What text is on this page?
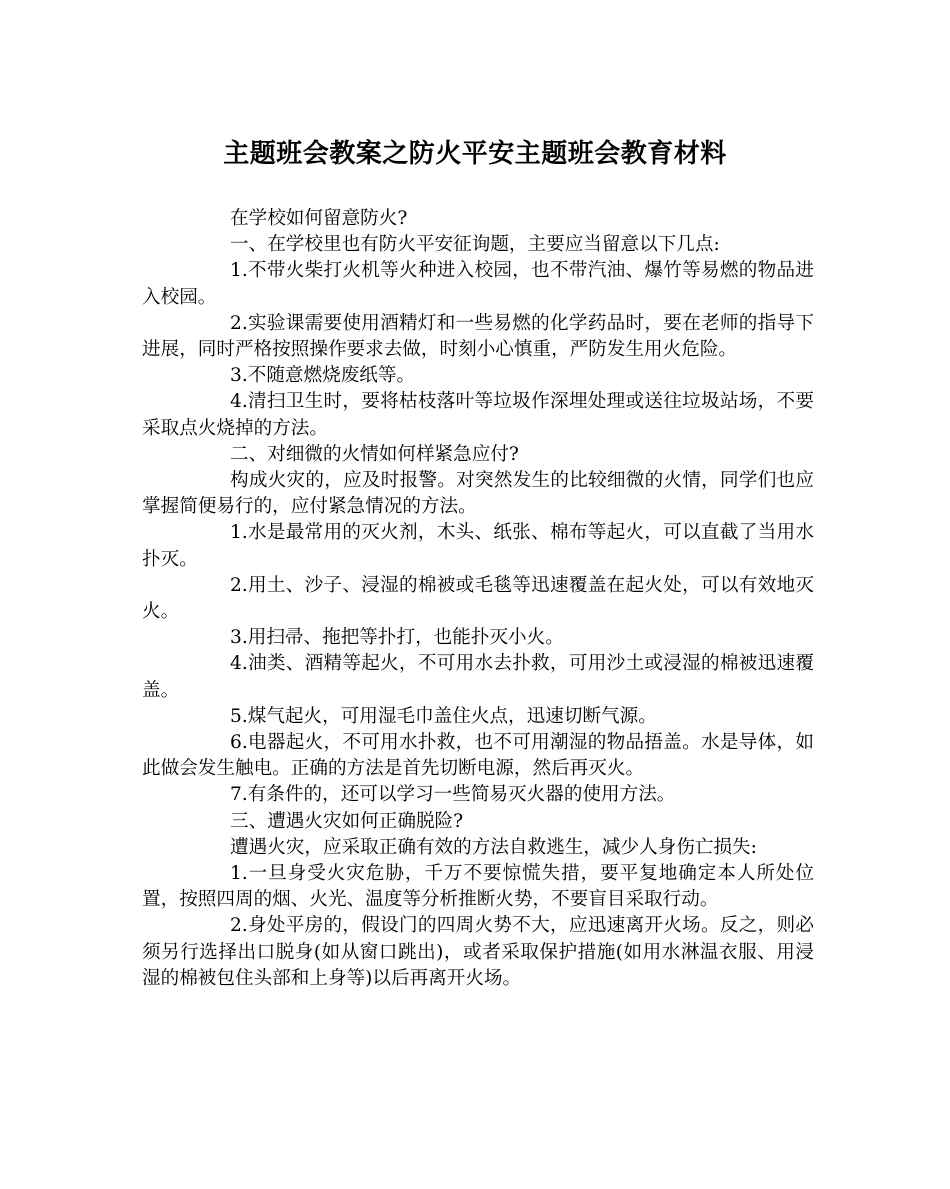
主题班会教案之防火平安主题班会教育材料

在学校如何留意防火?

一、在学校里也有防火平安征询题，主要应当留意以下几点:

1.不带火柴打火机等火种进入校园，也不带汽油、爆竹等易燃的物品进入校园。

2.实验课需要使用酒精灯和一些易燃的化学药品时，要在老师的指导下进展，同时严格按照操作要求去做，时刻小心慎重，严防发生用火危险。

3.不随意燃烧废纸等。

4.清扫卫生时，要将枯枝落叶等垃圾作深埋处理或送往垃圾站场，不要采取点火烧掉的方法。

二、对细微的火情如何样紧急应付?

构成火灾的，应及时报警。对突然发生的比较细微的火情，同学们也应掌握简便易行的，应付紧急情况的方法。

1.水是最常用的灭火剂，木头、纸张、棉布等起火，可以直截了当用水扑灭。

2.用土、沙子、浸湿的棉被或毛毯等迅速覆盖在起火处，可以有效地灭火。

3.用扫帚、拖把等扑打，也能扑灭小火。

4.油类、酒精等起火，不可用水去扑救，可用沙土或浸湿的棉被迅速覆盖。

5.煤气起火，可用湿毛巾盖住火点，迅速切断气源。

6.电器起火，不可用水扑救，也不可用潮湿的物品捂盖。水是导体，如此做会发生触电。正确的方法是首先切断电源，然后再灭火。

7.有条件的，还可以学习一些简易灭火器的使用方法。

三、遭遇火灾如何正确脱险?

遭遇火灾，应采取正确有效的方法自救逃生，减少人身伤亡损失:

1.一旦身受火灾危胁，千万不要惊慌失措，要平复地确定本人所处位置，按照四周的烟、火光、温度等分析推断火势，不要盲目采取行动。

2.身处平房的，假设门的四周火势不大，应迅速离开火场。反之，则必须另行选择出口脱身(如从窗口跳出)，或者采取保护措施(如用水淋温衣服、用浸湿的棉被包住头部和上身等)以后再离开火场。
